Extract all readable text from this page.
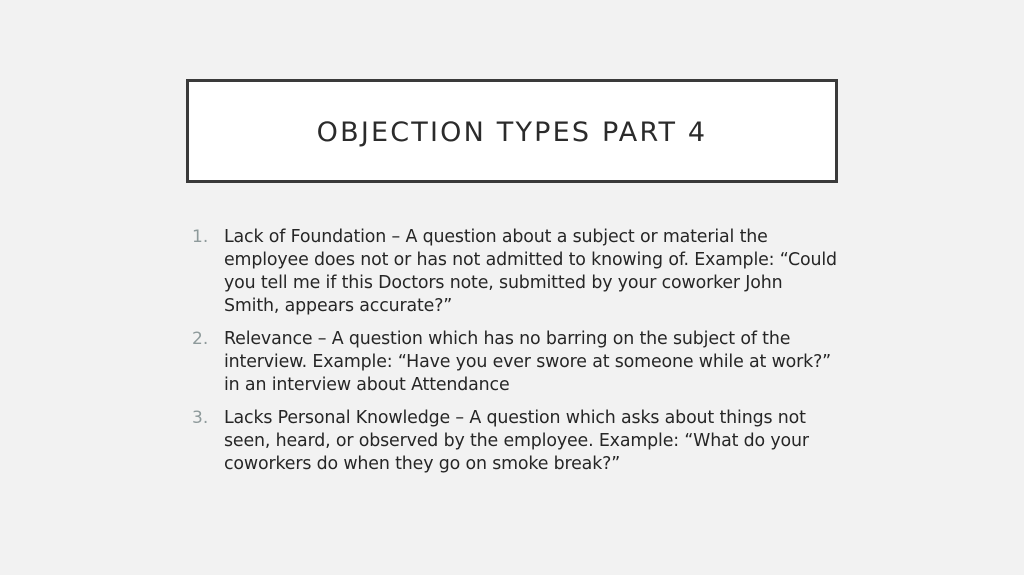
OBJECTION TYPES PART 4
1. Lack of Foundation – A question about a subject or material the employee does not or has not admitted to knowing of. Example: “Could you tell me if this Doctors note, submitted by your coworker John Smith, appears accurate?”
2. Relevance – A question which has no barring on the subject of the interview. Example: “Have you ever swore at someone while at work?” in an interview about Attendance
3. Lacks Personal Knowledge – A question which asks about things not seen, heard, or observed by the employee. Example: “What do your coworkers do when they go on smoke break?”
